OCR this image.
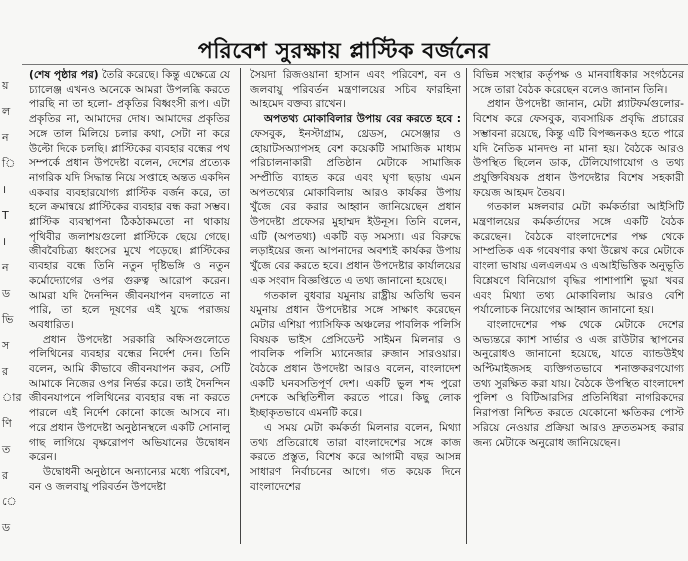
য়
ল
ন
ি
।
T
।
ন
ড
ভি
স
র
ার
ণি
ত
র
ে
ড
পরিবেশ সুরক্ষায় প্লাস্টিক বর্জনের

(শেষ পৃষ্ঠার পর) তৈরি করেছে। কিন্তু এক্ষেত্রে যে চ্যালেঞ্জ এখনও অনেকে আমরা উপলব্ধি করতে পারছি না তা হলো- প্রকৃতির বিধ্বংসী রূপ। এটা প্রকৃতির না, আমাদের দোষ। আমাদের প্রকৃতির সঙ্গে তাল মিলিয়ে চলার কথা, সেটা না করে উল্টো দিকে চলছি। প্লাস্টিকের ব্যবহার বন্ধের পথ সম্পর্কে প্রধান উপদেষ্টা বলেন, দেশের প্রত্যেক নাগরিক যদি সিদ্ধান্ত নিয়ে সপ্তাহে অন্তত একদিন একবার ব্যবহারযোগ্য প্লাস্টিক বর্জন করে, তা হলে ক্রমান্বয়ে প্লাস্টিকের ব্যবহার বন্ধ করা সম্ভব। প্লাস্টিক ব্যবস্থাপনা ঠিকঠাকমতো না থাকায় পৃথিবীর জলাশয়গুলো প্লাস্টিকে ছেয়ে গেছে। জীববৈচিত্র্য ধ্বংসের মুখে পড়েছে। প্লাস্টিকের ব্যবহার বন্ধে তিনি নতুন দৃষ্টিভঙ্গি ও নতুন কর্মোদ্যোগের ওপর গুরুত্ব আরোপ করেন। আমরা যদি দৈনন্দিন জীবনযাপন বদলাতে না পারি, তা হলে দূষণের এই যুদ্ধে পরাজয় অবধারিত।

প্রধান উপদেষ্টা সরকারি অফিসগুলোতে পলিথিনের ব্যবহার বন্ধের নির্দেশ দেন। তিনি বলেন, আমি কীভাবে জীবনযাপন করব, সেটি আমাকে নিজের ওপর নির্ভর করে। তাই দৈনন্দিন জীবনযাপনে পলিথিনের ব্যবহার বন্ধ না করতে পারলে এই নির্দেশ কোনো কাজে আসবে না। পরে প্রধান উপদেষ্টা অনুষ্ঠানস্থলে একটি সোনালু গাছ লাগিয়ে বৃক্ষরোপণ অভিযানের উদ্বোধন করেন।

উদ্বোধনী অনুষ্ঠানে অন্যান্যের মধ্যে পরিবেশ, বন ও জলবায়ু পরিবর্তন উপদেষ্টা

সৈয়দা রিজওয়ানা হাসান এবং পরিবেশ, বন ও জলবায়ু পরিবর্তন মন্ত্রণালয়ের সচিব ফারহিনা আহমেদ বক্তব্য রাখেন।

অপতথ্য মোকাবিলার উপায় বের করতে হবে : ফেসবুক, ইনস্টাগ্রাম, থ্রেডস, মেসেঞ্জার ও হোয়াটসঅ্যাপসহ বেশ কয়েকটি সামাজিক মাধ্যম পরিচালনাকারী প্রতিষ্ঠান মেটাকে সামাজিক সম্প্রীতি ব্যাহত করে এবং ঘৃণা ছড়ায় এমন অপতথ্যের মোকাবিলায় আরও কার্যকর উপায় খুঁজে বের করার আহ্বান জানিয়েছেন প্রধান উপদেষ্টা প্রফেসর মুহাম্মদ ইউনূস। তিনি বলেন, এটি (অপতথ্য) একটি বড় সমস্যা। এর বিরুদ্ধে লড়াইয়ের জন্য আপনাদের অবশ্যই কার্যকর উপায় খুঁজে বের করতে হবে। প্রধান উপদেষ্টার কার্যালয়ের এক সংবাদ বিজ্ঞপ্তিতে এ তথ্য জানানো হয়েছে।

গতকাল বুধবার যমুনায় রাষ্ট্রীয় অতিথি ভবন যমুনায় প্রধান উপদেষ্টার সঙ্গে সাক্ষাৎ করেছেন মেটার এশিয়া প্যাসিফিক অঞ্চলের পাবলিক পলিসি বিষয়ক ভাইস প্রেসিডেন্ট সাইমন মিলনার ও পাবলিক পলিসি ম্যানেজার রুজান সারওয়ার। বৈঠকে প্রধান উপদেষ্টা আরও বলেন, বাংলাদেশ একটি ঘনবসতিপূর্ণ দেশ। একটি ভুল শব্দ পুরো দেশকে অস্থিতিশীল করতে পারে। কিছু লোক ইচ্ছাকৃতভাবে এমনটি করে।

এ সময় মেটা কর্মকর্তা মিলনার বলেন, মিথ্যা তথ্য প্রতিরোধে তারা বাংলাদেশের সঙ্গে কাজ করতে প্রস্তুত, বিশেষ করে আগামী বছর আসন্ন সাধারণ নির্বাচনের আগে। গত কয়েক দিনে বাংলাদেশের

বিভিন্ন সংস্থার কর্তৃপক্ষ ও মানবাধিকার সংগঠনের সঙ্গে তারা বৈঠক করেছেন বলেও জানান তিনি।

প্রধান উপদেষ্টা জানান, মেটা প্ল্যাটফর্মগুলোর- বিশেষ করে ফেসবুক, ব্যবসায়িক প্রবৃদ্ধি প্রচারের সম্ভাবনা রয়েছে, কিন্তু এটি বিপজ্জনকও হতে পারে যদি নৈতিক মানদণ্ড না মানা হয়। বৈঠকে আরও উপস্থিত ছিলেন ডাক, টেলিযোগাযোগ ও তথ্য প্রযুক্তিবিষয়ক প্রধান উপদেষ্টার বিশেষ সহকারী ফয়েজ আহমদ তৈয়ব।

গতকাল মঙ্গলবার মেটা কর্মকর্তারা আইসিটি মন্ত্রণালয়ের কর্মকর্তাদের সঙ্গে একটি বৈঠক করেছেন। বৈঠকে বাংলাদেশের পক্ষ থেকে সাম্প্রতিক এক গবেষণার কথা উল্লেখ করে মেটাকে বাংলা ভাষায় এলএলএম ও এআইভিত্তিক অনুভূতি বিশ্লেষণে বিনিয়োগ বৃদ্ধির পাশাপাশি ভুয়া খবর এবং মিথ্যা তথ্য মোকাবিলায় আরও বেশি পর্যালোচক নিয়োগের আহ্বান জানানো হয়।

বাংলাদেশের পক্ষ থেকে মেটাকে দেশের অভ্যন্তরে ক্যাশ সার্ভার ও এজ রাউটার স্থাপনের অনুরোধও জানানো হয়েছে, যাতে ব্যান্ডউইথ অপ্টিমাইজসহ ব্যক্তিগতভাবে শনাক্তকরণযোগ্য তথ্য সুরক্ষিত করা যায়। বৈঠকে উপস্থিত বাংলাদেশ পুলিশ ও বিটিআরসির প্রতিনিধিরা নাগরিকদের নিরাপত্তা নিশ্চিত করতে যেকোনো ক্ষতিকর পোস্ট সরিয়ে নেওয়ার প্রক্রিয়া আরও দ্রুততমসহ করার জন্য মেটাকে অনুরোধ জানিয়েছেন।
